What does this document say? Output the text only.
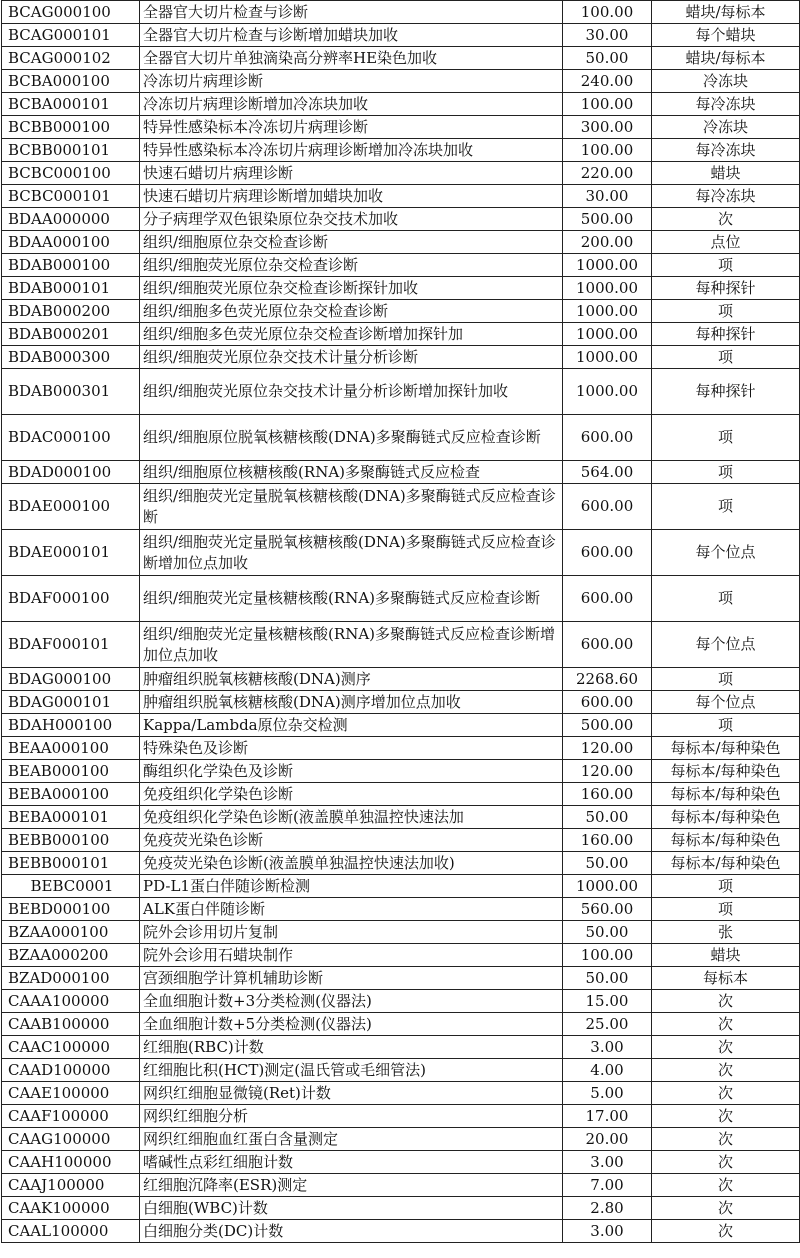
BCAG000100	全器官大切片检查与诊断	100.00	蜡块/每标本
BCAG000101	全器官大切片检查与诊断增加蜡块加收	30.00	每个蜡块
BCAG000102	全器官大切片单独滴染高分辨率HE染色加收	50.00	蜡块/每标本
BCBA000100	冷冻切片病理诊断	240.00	冷冻块
BCBA000101	冷冻切片病理诊断增加冷冻块加收	100.00	每冷冻块
BCBB000100	特异性感染标本冷冻切片病理诊断	300.00	冷冻块
BCBB000101	特异性感染标本冷冻切片病理诊断增加冷冻块加收	100.00	每冷冻块
BCBC000100	快速石蜡切片病理诊断	220.00	蜡块
BCBC000101	快速石蜡切片病理诊断增加蜡块加收	30.00	每冷冻块
BDAA000000	分子病理学双色银染原位杂交技术加收	500.00	次
BDAA000100	组织/细胞原位杂交检查诊断	200.00	点位
BDAB000100	组织/细胞荧光原位杂交检查诊断	1000.00	项
BDAB000101	组织/细胞荧光原位杂交检查诊断探针加收	1000.00	每种探针
BDAB000200	组织/细胞多色荧光原位杂交检查诊断	1000.00	项
BDAB000201	组织/细胞多色荧光原位杂交检查诊断增加探针加	1000.00	每种探针
BDAB000300	组织/细胞荧光原位杂交技术计量分析诊断	1000.00	项
BDAB000301	组织/细胞荧光原位杂交技术计量分析诊断增加探针加收	1000.00	每种探针
BDAC000100	组织/细胞原位脱氧核糖核酸(DNA)多聚酶链式反应检查诊断	600.00	项
BDAD000100	组织/细胞原位核糖核酸(RNA)多聚酶链式反应检查	564.00	项
BDAE000100	组织/细胞荧光定量脱氧核糖核酸(DNA)多聚酶链式反应检查诊断	600.00	项
BDAE000101	组织/细胞荧光定量脱氧核糖核酸(DNA)多聚酶链式反应检查诊断增加位点加收	600.00	每个位点
BDAF000100	组织/细胞荧光定量核糖核酸(RNA)多聚酶链式反应检查诊断	600.00	项
BDAF000101	组织/细胞荧光定量核糖核酸(RNA)多聚酶链式反应检查诊断增加位点加收	600.00	每个位点
BDAG000100	肿瘤组织脱氧核糖核酸(DNA)测序	2268.60	项
BDAG000101	肿瘤组织脱氧核糖核酸(DNA)测序增加位点加收	600.00	每个位点
BDAH000100	Kappa/Lambda原位杂交检测	500.00	项
BEAA000100	特殊染色及诊断	120.00	每标本/每种染色
BEAB000100	酶组织化学染色及诊断	120.00	每标本/每种染色
BEBA000100	免疫组织化学染色诊断	160.00	每标本/每种染色
BEBA000101	免疫组织化学染色诊断(液盖膜单独温控快速法加	50.00	每标本/每种染色
BEBB000100	免疫荧光染色诊断	160.00	每标本/每种染色
BEBB000101	免疫荧光染色诊断(液盖膜单独温控快速法加收)	50.00	每标本/每种染色
BEBC0001	PD-L1蛋白伴随诊断检测	1000.00	项
BEBD000100	ALK蛋白伴随诊断	560.00	项
BZAA000100	院外会诊用切片复制	50.00	张
BZAA000200	院外会诊用石蜡块制作	100.00	蜡块
BZAD000100	宫颈细胞学计算机辅助诊断	50.00	每标本
CAAA100000	全血细胞计数+3分类检测(仪器法)	15.00	次
CAAB100000	全血细胞计数+5分类检测(仪器法)	25.00	次
CAAC100000	红细胞(RBC)计数	3.00	次
CAAD100000	红细胞比积(HCT)测定(温氏管或毛细管法)	4.00	次
CAAE100000	网织红细胞显微镜(Ret)计数	5.00	次
CAAF100000	网织红细胞分析	17.00	次
CAAG100000	网织红细胞血红蛋白含量测定	20.00	次
CAAH100000	嗜碱性点彩红细胞计数	3.00	次
CAAJ100000	红细胞沉降率(ESR)测定	7.00	次
CAAK100000	白细胞(WBC)计数	2.80	次
CAAL100000	白细胞分类(DC)计数	3.00	次
